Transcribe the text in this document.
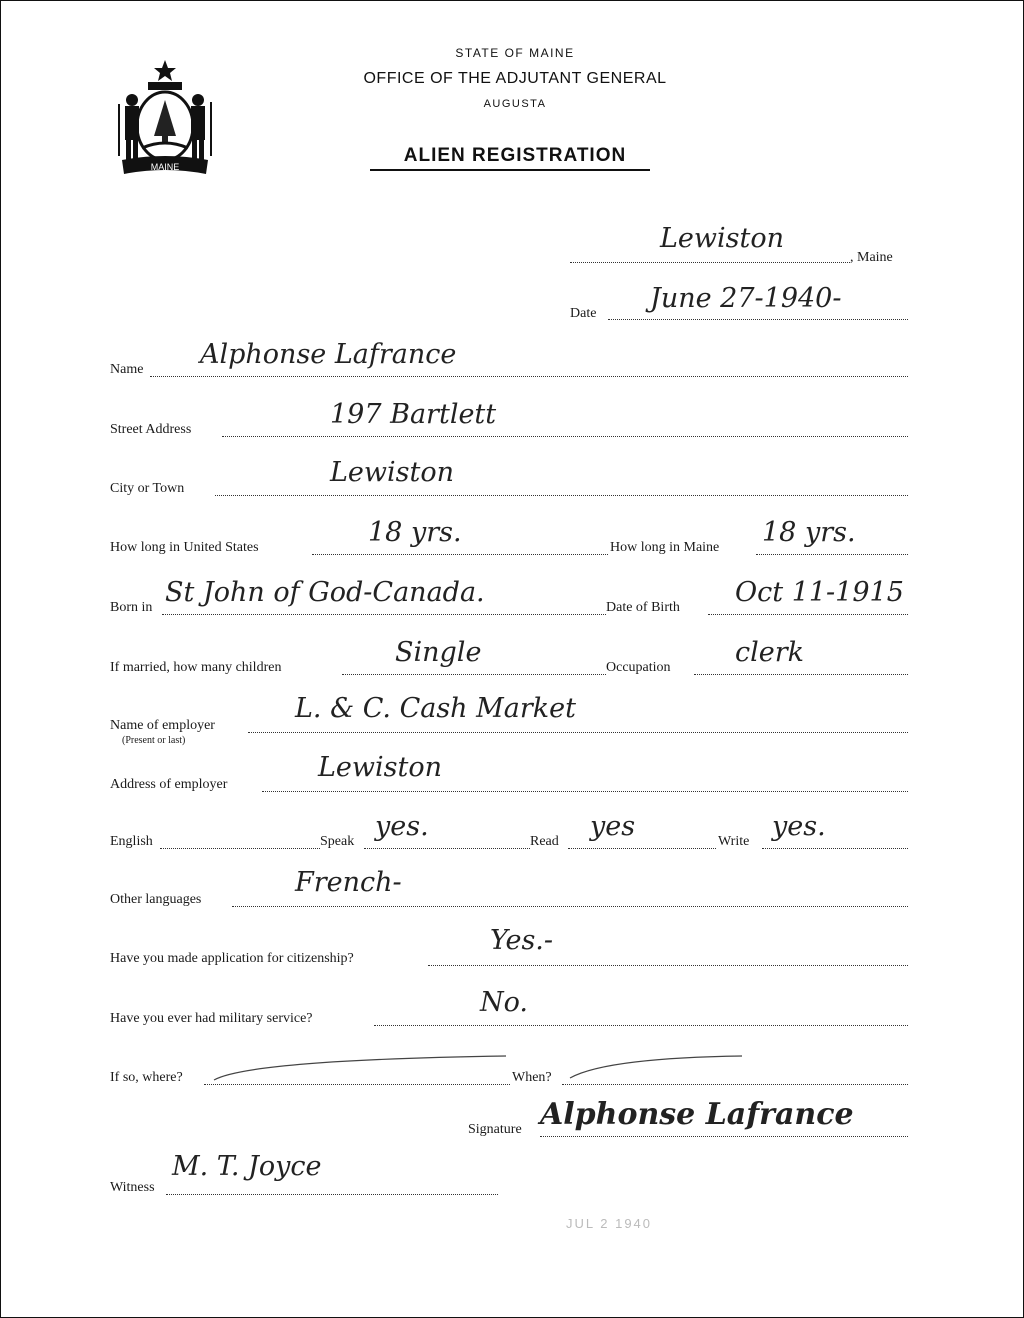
MAINE
STATE OF MAINE
OFFICE OF THE ADJUTANT GENERAL
AUGUSTA
ALIEN REGISTRATION
Lewiston
, Maine
Date June 27-1940-
Name Alphonse Lafrance
Street Address	197 Bartlett
City or Town
Lewiston
How long in United States	18 yrs.	How long in Maine 18 yrs.
Born in St John of God-Canada.	Date of Birth Oct 11-1915
If married, how many children	Single	Occupation clerk
Name of employer
(Present or last)
L. & C. Cash Market
Address of employer
Lewiston
English	Speak yes.	Read yes	Write yes.
Other languages
French-
Have you made application for citizenship?
Yes.-
Have you ever had military service?
No.
If so, where?	When?
Signature Alphonse Lafrance
Witness
M. T. Joyce
JUL 2 1940
